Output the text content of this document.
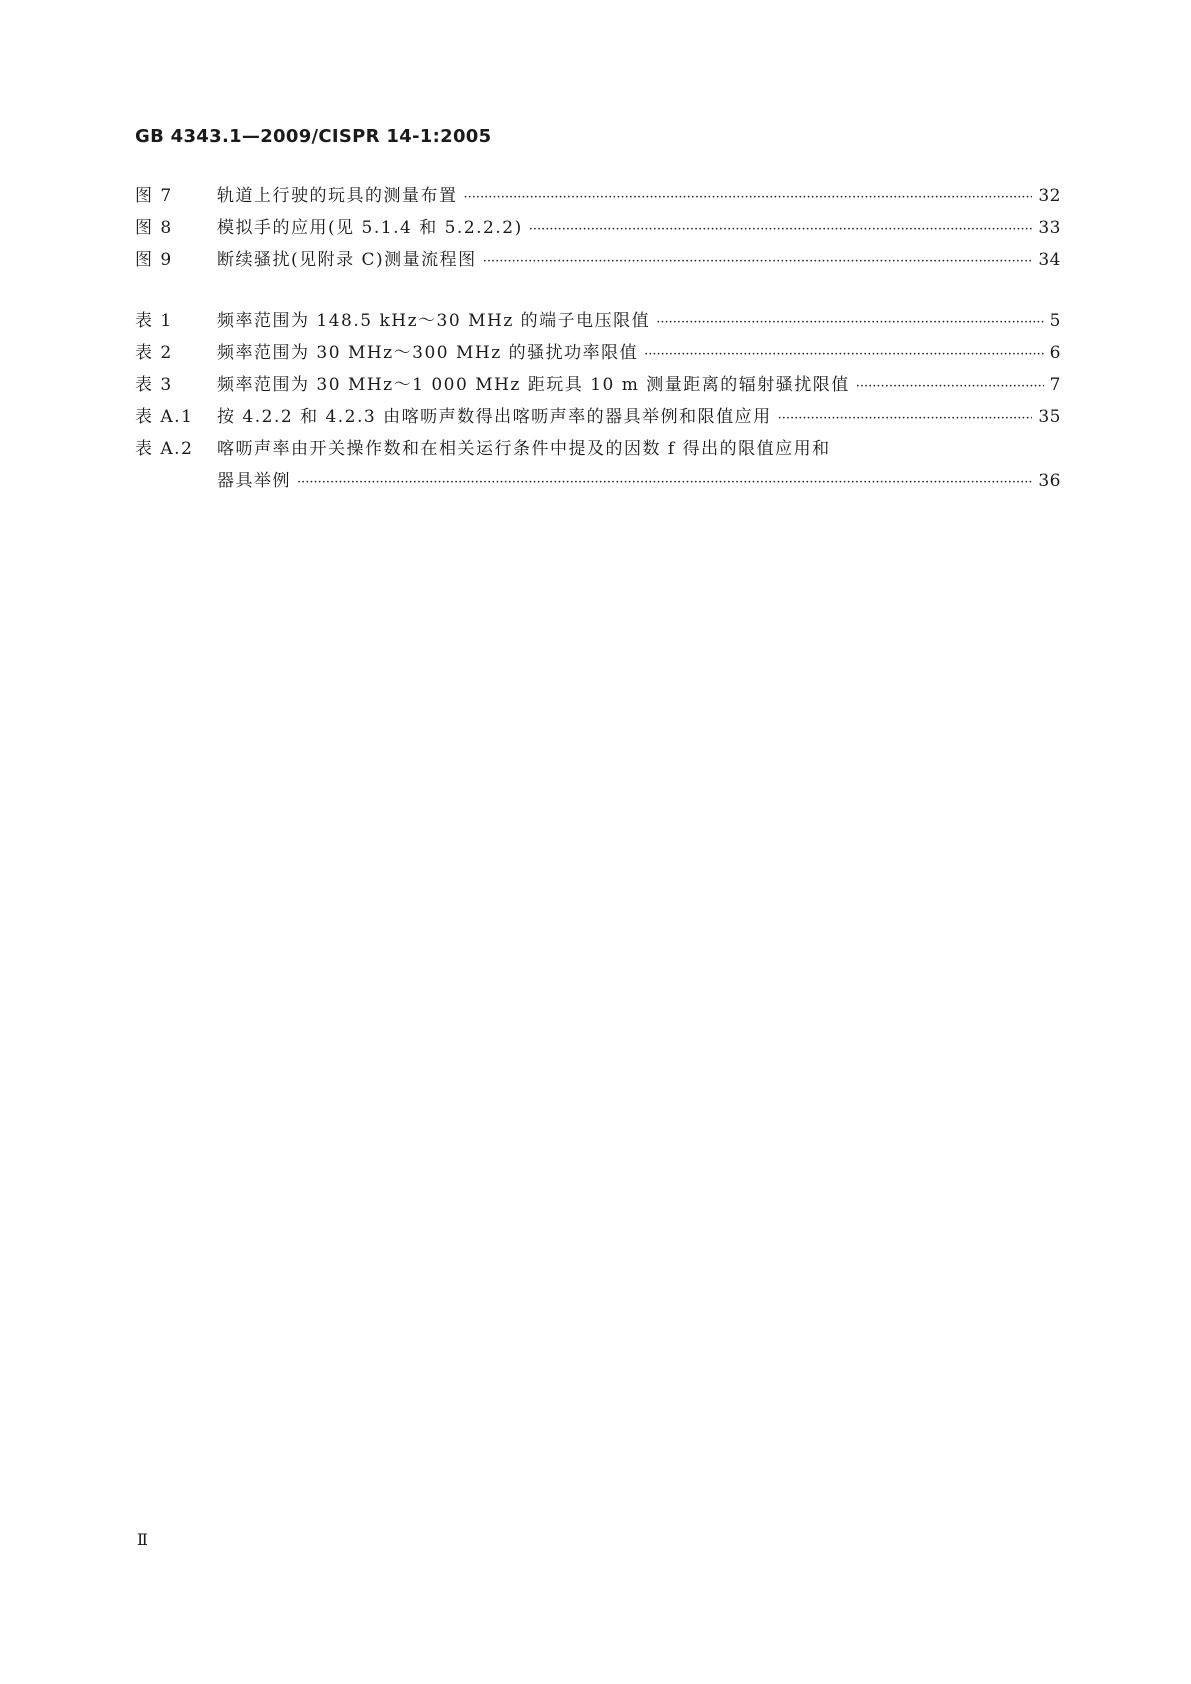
GB 4343.1—2009/CISPR 14-1:2005
图 7	轨道上行驶的玩具的测量布置 ·····	32
图 8	模拟手的应用(见 5.1.4 和 5.2.2.2) ·····	33
图 9	断续骚扰(见附录 C)测量流程图 ·····	34
表 1	频率范围为 148.5 kHz～30 MHz 的端子电压限值 ·····	5
表 2	频率范围为 30 MHz～300 MHz 的骚扰功率限值 ·····	6
表 3	频率范围为 30 MHz～1 000 MHz 距玩具 10 m 测量距离的辐射骚扰限值 ·····	7
表 A.1	按 4.2.2 和 4.2.3 由喀呖声数得出喀呖声率的器具举例和限值应用 ·····	35
表 A.2	喀呖声率由开关操作数和在相关运行条件中提及的因数 f 得出的限值应用和
器具举例 ·····	36
Ⅱ
